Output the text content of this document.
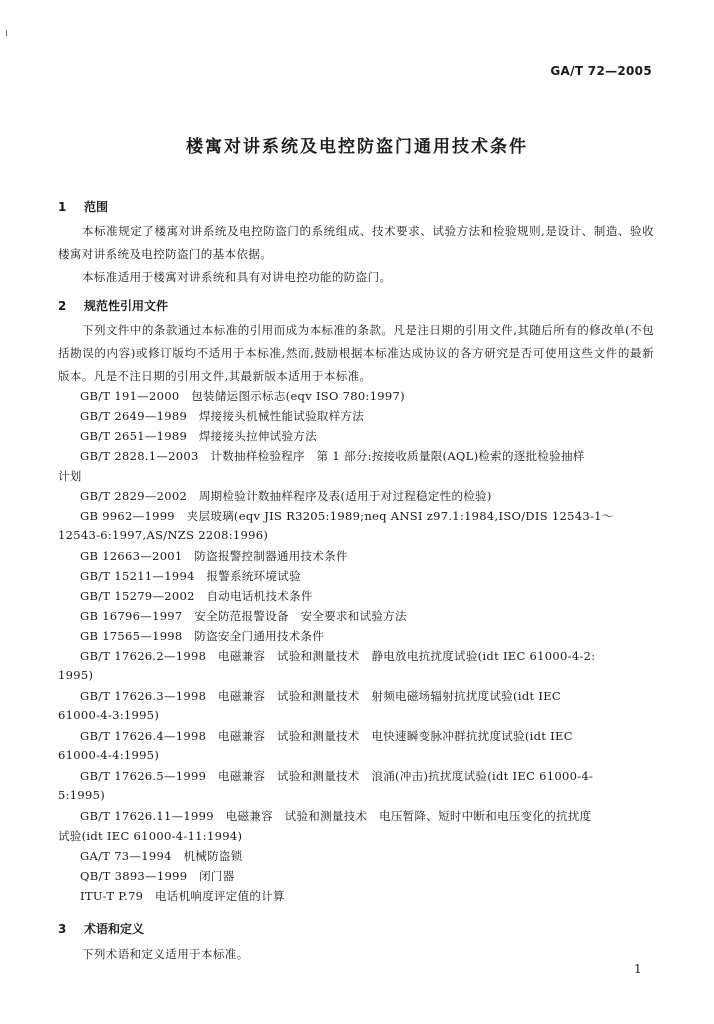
GA/T 72—2005
楼寓对讲系统及电控防盗门通用技术条件
1 范围
本标准规定了楼寓对讲系统及电控防盗门的系统组成、技术要求、试验方法和检验规则,是设计、制造、验收楼寓对讲系统及电控防盗门的基本依据。
本标准适用于楼寓对讲系统和具有对讲电控功能的防盗门。
2 规范性引用文件
下列文件中的条款通过本标准的引用而成为本标准的条款。凡是注日期的引用文件,其随后所有的修改单(不包括勘误的内容)或修订版均不适用于本标准,然而,鼓励根据本标准达成协议的各方研究是否可使用这些文件的最新版本。凡是不注日期的引用文件,其最新版本适用于本标准。
GB/T 191—2000　包装储运图示标志(eqv ISO 780:1997)
GB/T 2649—1989　焊接接头机械性能试验取样方法
GB/T 2651—1989　焊接接头拉伸试验方法
GB/T 2828.1—2003　计数抽样检验程序　第 1 部分:按接收质量限(AQL)检索的逐批检验抽样
计划
GB/T 2829—2002　周期检验计数抽样程序及表(适用于对过程稳定性的检验)
GB 9962—1999　夹层玻璃(eqv JIS R3205:1989;neq ANSI z97.1:1984,ISO/DIS 12543-1～
12543-6:1997,AS/NZS 2208:1996)
GB 12663—2001　防盗报警控制器通用技术条件
GB/T 15211—1994　报警系统环境试验
GB/T 15279—2002　自动电话机技术条件
GB 16796—1997　安全防范报警设备　安全要求和试验方法
GB 17565—1998　防盗安全门通用技术条件
GB/T 17626.2—1998　电磁兼容　试验和测量技术　静电放电抗扰度试验(idt IEC 61000-4-2:
1995)
GB/T 17626.3—1998　电磁兼容　试验和测量技术　射频电磁场辐射抗扰度试验(idt IEC
61000-4-3:1995)
GB/T 17626.4—1998　电磁兼容　试验和测量技术　电快速瞬变脉冲群抗扰度试验(idt IEC
61000-4-4:1995)
GB/T 17626.5—1999　电磁兼容　试验和测量技术　浪涌(冲击)抗扰度试验(idt IEC 61000-4-
5:1995)
GB/T 17626.11—1999　电磁兼容　试验和测量技术　电压暂降、短时中断和电压变化的抗扰度
试验(idt IEC 61000-4-11:1994)
GA/T 73—1994　机械防盗锁
QB/T 3893—1999　闭门器
ITU-T P.79　电话机响度评定值的计算
3 术语和定义
下列术语和定义适用于本标准。
1
